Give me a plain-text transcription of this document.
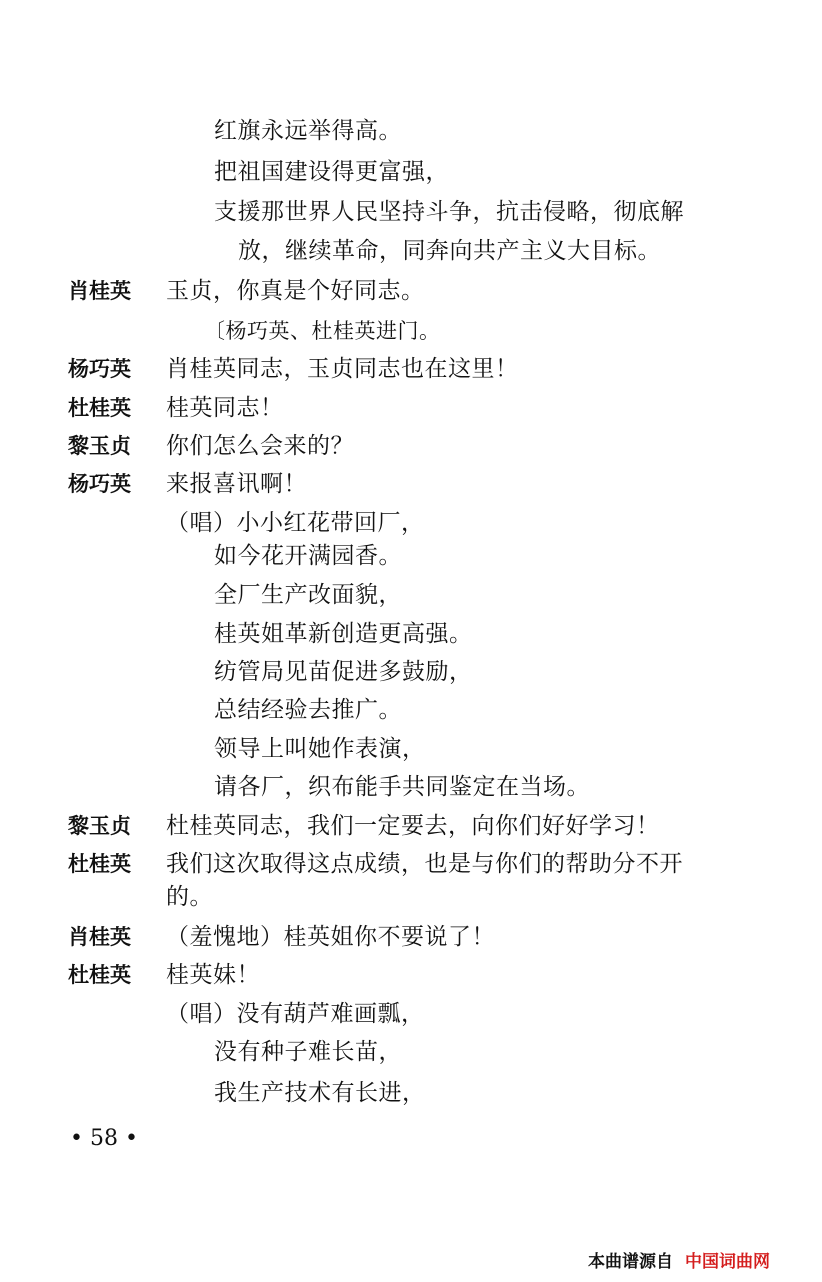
红旗永远举得高。
把祖国建设得更富强，
支援那世界人民坚持斗争，抗击侵略，彻底解
放，继续革命，同奔向共产主义大目标。
肖桂英 玉贞，你真是个好同志。
〔杨巧英、杜桂英进门。
杨巧英 肖桂英同志，玉贞同志也在这里！
杜桂英 桂英同志！
黎玉贞 你们怎么会来的？
杨巧英 来报喜讯啊！
（唱）小小红花带回厂，
如今花开满园香。
全厂生产改面貌，
桂英姐革新创造更高强。
纺管局见苗促进多鼓励，
总结经验去推广。
领导上叫她作表演，
请各厂，织布能手共同鉴定在当场。
黎玉贞 杜桂英同志，我们一定要去，向你们好好学习！
杜桂英 我们这次取得这点成绩，也是与你们的帮助分不开
的。
肖桂英 （羞愧地）桂英姐你不要说了！
杜桂英 桂英妹！
（唱）没有葫芦难画瓢，
没有种子难长苗，
我生产技术有长进，
• 58 •
本曲谱源自 中国词曲网
